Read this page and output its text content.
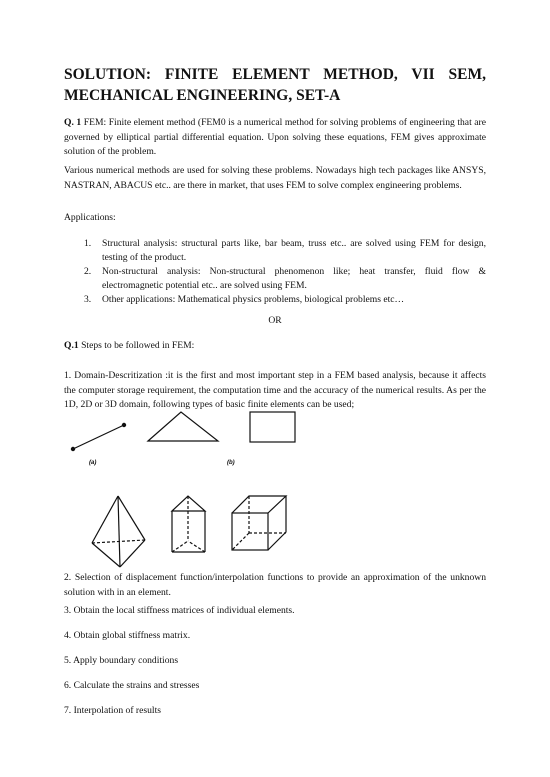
SOLUTION: FINITE ELEMENT METHOD, VII SEM,
MECHANICAL ENGINEERING, SET-A

Q. 1 FEM: Finite element method (FEM0 is a numerical method for solving problems of engineering that are governed by elliptical partial differential equation. Upon solving these equations, FEM gives approximate solution of the problem.

Various numerical methods are used for solving these problems. Nowadays high tech packages like ANSYS, NASTRAN, ABACUS etc.. are there in market, that uses FEM to solve complex engineering problems.

Applications:

1. Structural analysis: structural parts like, bar beam, truss etc.. are solved using FEM for design, testing of the product.
2. Non-structural analysis: Non-structural phenomenon like; heat transfer, fluid flow & electromagnetic potential etc.. are solved using FEM.
3. Other applications: Mathematical physics problems, biological problems etc…
OR

Q.1 Steps to be followed in FEM:

1. Domain-Descritization :it is the first and most important step in a FEM based analysis, because it affects the computer storage requirement, the computation time and the accuracy of the numerical results. As per the 1D, 2D or 3D domain, following types of basic finite elements can be used;

(a)	(b)

2. Selection of displacement function/interpolation functions to provide an approximation of the unknown solution with in an element.

3. Obtain the local stiffness matrices of individual elements.

4. Obtain global stiffness matrix.

5. Apply boundary conditions

6. Calculate the strains and stresses

7. Interpolation of results
